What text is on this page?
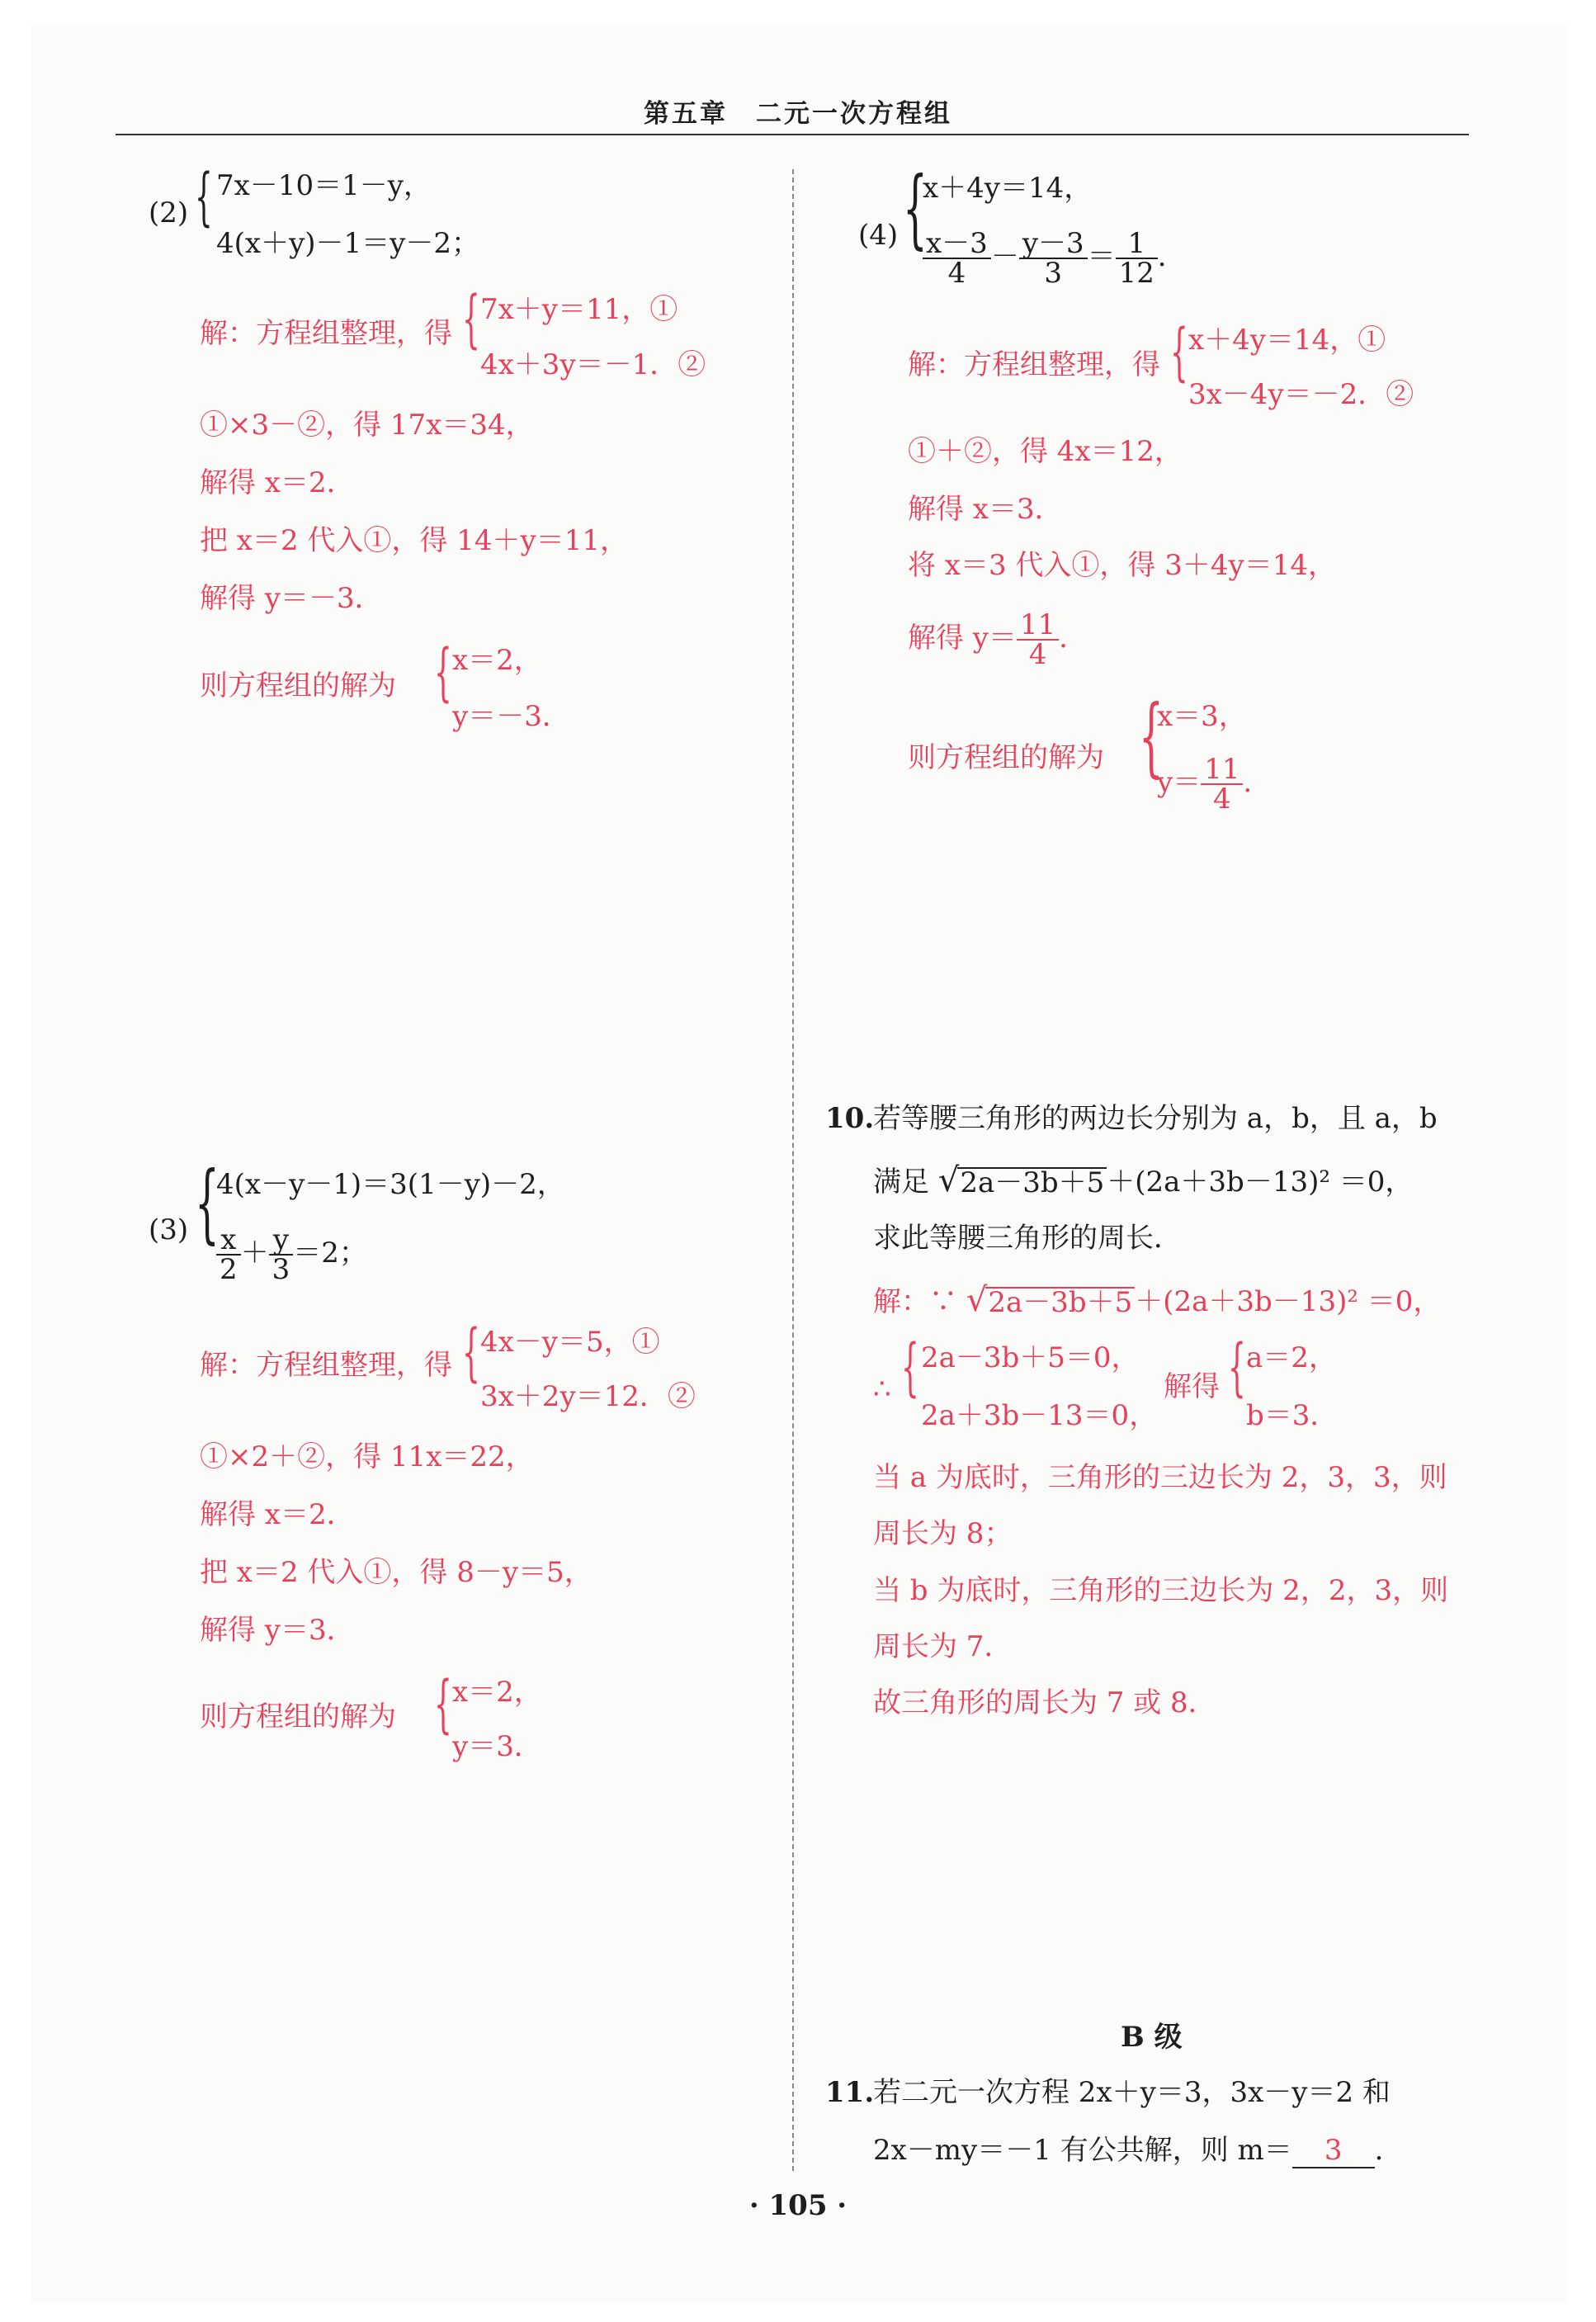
第五章　二元一次方程组
(2) { 7x－10＝1－y，
4(x＋y)－1＝y－2；
解：方程组整理，得 { 7x＋y＝11，①
4x＋3y＝－1．②
①×3－②，得 17x＝34，
解得 x＝2．
把 x＝2 代入①，得 14＋y＝11，
解得 y＝－3．
则方程组的解为 { x＝2，
y＝－3．
(3) {
4(x－y－1)＝3(1－y)－2，
$\frac{x}{2} + \frac{y}{3} =2$；
解：方程组整理，得 { 4x－y＝5，①
3x＋2y＝12．②
①×2＋②，得 11x＝22，
解得 x＝2．
把 x＝2 代入①，得 8－y＝5，
解得 y＝3．
则方程组的解为 { x＝2，
y＝3．
(4) {
x＋4y＝14，
$\frac{x-3}{4} - \frac{y-3}{3} = \frac{1}{12}$ ．
解：方程组整理，得 { x＋4y＝14，①
3x－4y＝－2．②
①＋②，得 4x＝12，
解得 x＝3．
将 x＝3 代入①，得 3＋4y＝14，
解得 $y= \frac{11}{4}$ ．
则方程组的解为 {
x＝3，
$y= \frac{11}{4}$ ．
10.
若等腰三角形的两边长分别为 a，b，且 a，b
满足 √ 2a－3b＋5 ＋(2a＋3b－13)² ＝0，
求此等腰三角形的周长．
解：∵ √ 2a－3b＋5 ＋(2a＋3b－13)² ＝0，
∴ { 2a－3b＋5＝0，
2a＋3b－13＝0，
解得 { a＝2，
b＝3．
当 a 为底时，三角形的三边长为 2，3，3，则
周长为 8；
当 b 为底时，三角形的三边长为 2，2，3，则
周长为 7．
故三角形的周长为 7 或 8．
B 级
11.
若二元一次方程 2x＋y＝3，3x－y＝2 和
2x－my＝－1 有公共解，则 m＝ 3 ．
· 105 ·
